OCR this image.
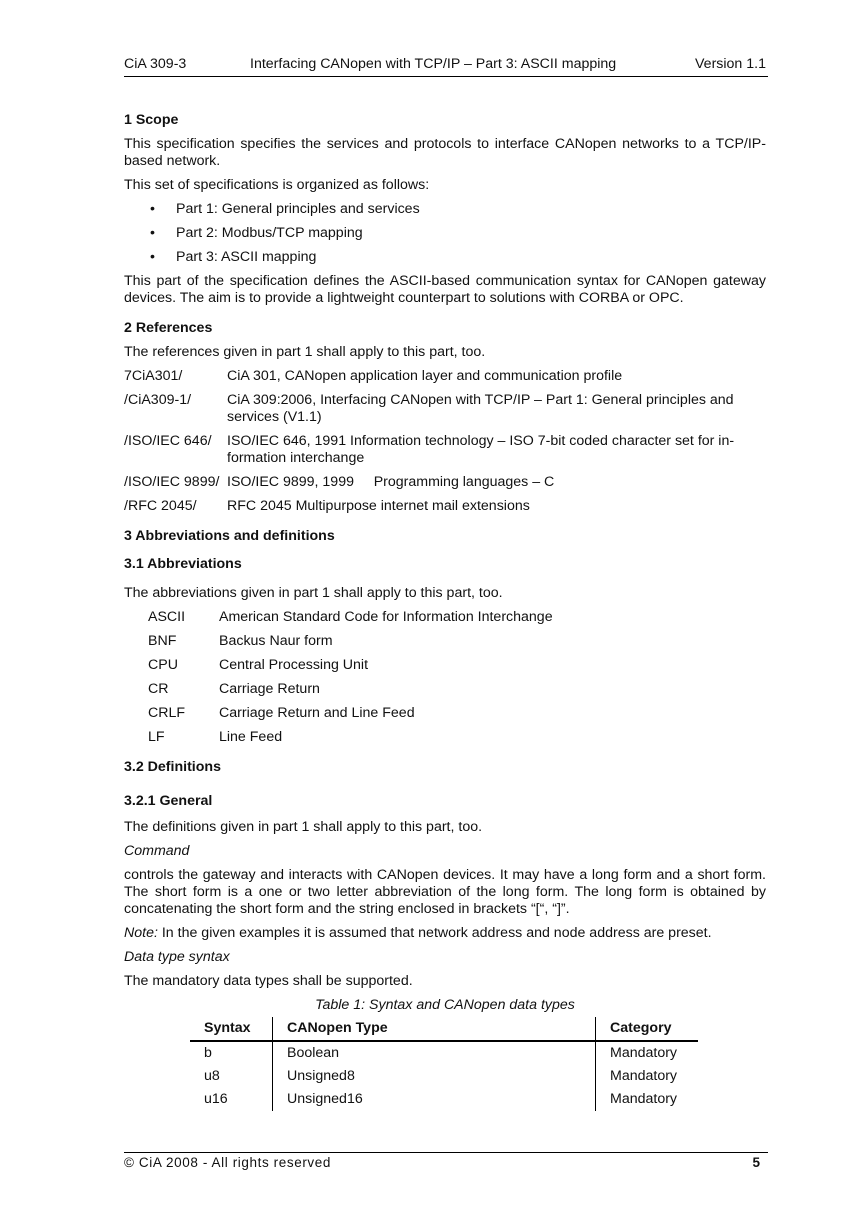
CiA 309-3	Interfacing CANopen with TCP/IP – Part 3: ASCII mapping	Version 1.1

1 Scope

This specification specifies the services and protocols to interface CANopen networks to a TCP/IP-based network.

This set of specifications is organized as follows:

• Part 1: General principles and services
• Part 2: Modbus/TCP mapping
• Part 3: ASCII mapping

This part of the specification defines the ASCII-based communication syntax for CANopen gateway devices. The aim is to provide a lightweight counterpart to solutions with CORBA or OPC.

2 References

The references given in part 1 shall apply to this part, too.

7CiA301/	CiA 301, CANopen application layer and communication profile
/CiA309-1/	CiA 309:2006, Interfacing CANopen with TCP/IP – Part 1: General principles and services (V1.1)
/ISO/IEC 646/	ISO/IEC 646, 1991 Information technology – ISO 7-bit coded character set for in-formation interchange
/ISO/IEC 9899/ ISO/IEC 9899, 1999     Programming languages – C
/RFC 2045/	RFC 2045 Multipurpose internet mail extensions

3 Abbreviations and definitions

3.1 Abbreviations

The abbreviations given in part 1 shall apply to this part, too.

ASCII	American Standard Code for Information Interchange
BNF	Backus Naur form
CPU	Central Processing Unit
CR	Carriage Return
CRLF	Carriage Return and Line Feed
LF	Line Feed

3.2 Definitions

3.2.1 General

The definitions given in part 1 shall apply to this part, too.

Command

controls the gateway and interacts with CANopen devices. It may have a long form and a short form. The short form is a one or two letter abbreviation of the long form. The long form is obtained by concatenating the short form and the string enclosed in brackets “[“, “]”.

Note: In the given examples it is assumed that network address and node address are preset.

Data type syntax

The mandatory data types shall be supported.

Table 1: Syntax and CANopen data types

Syntax	CANopen Type	Category
b	Boolean	Mandatory
u8	Unsigned8	Mandatory
u16	Unsigned16	Mandatory
© CiA 2008 - All rights reserved	5
